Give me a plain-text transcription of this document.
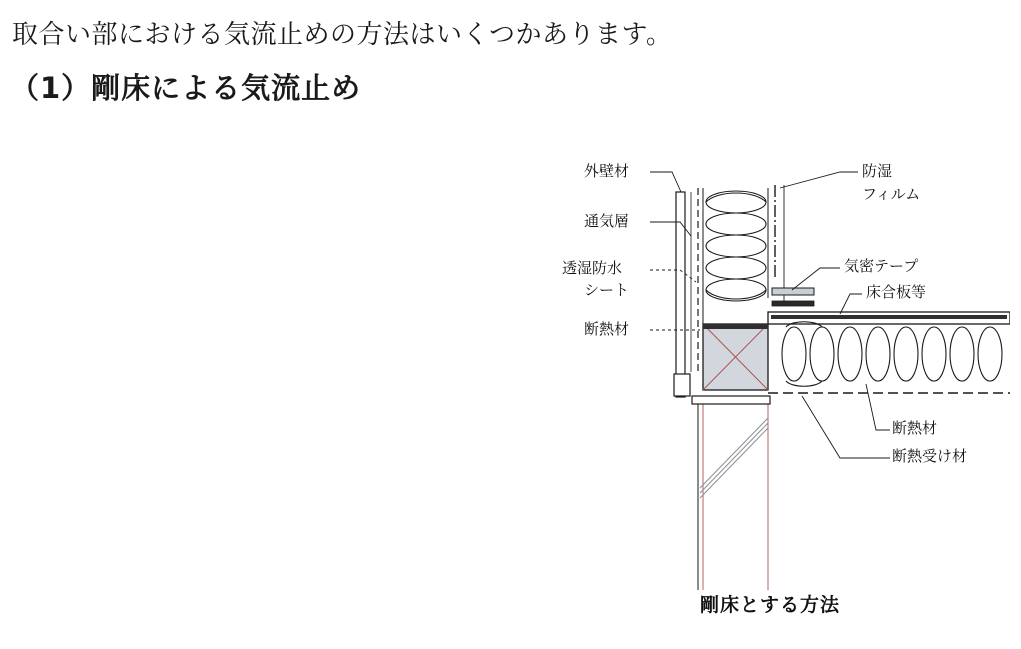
取合い部における気流止めの方法はいくつかあります。
（1）剛床による気流止め
外壁材
通気層
透湿防水
シート
断熱材
防湿
フィルム
気密テープ
床合板等
断熱材
断熱受け材
剛床とする方法
